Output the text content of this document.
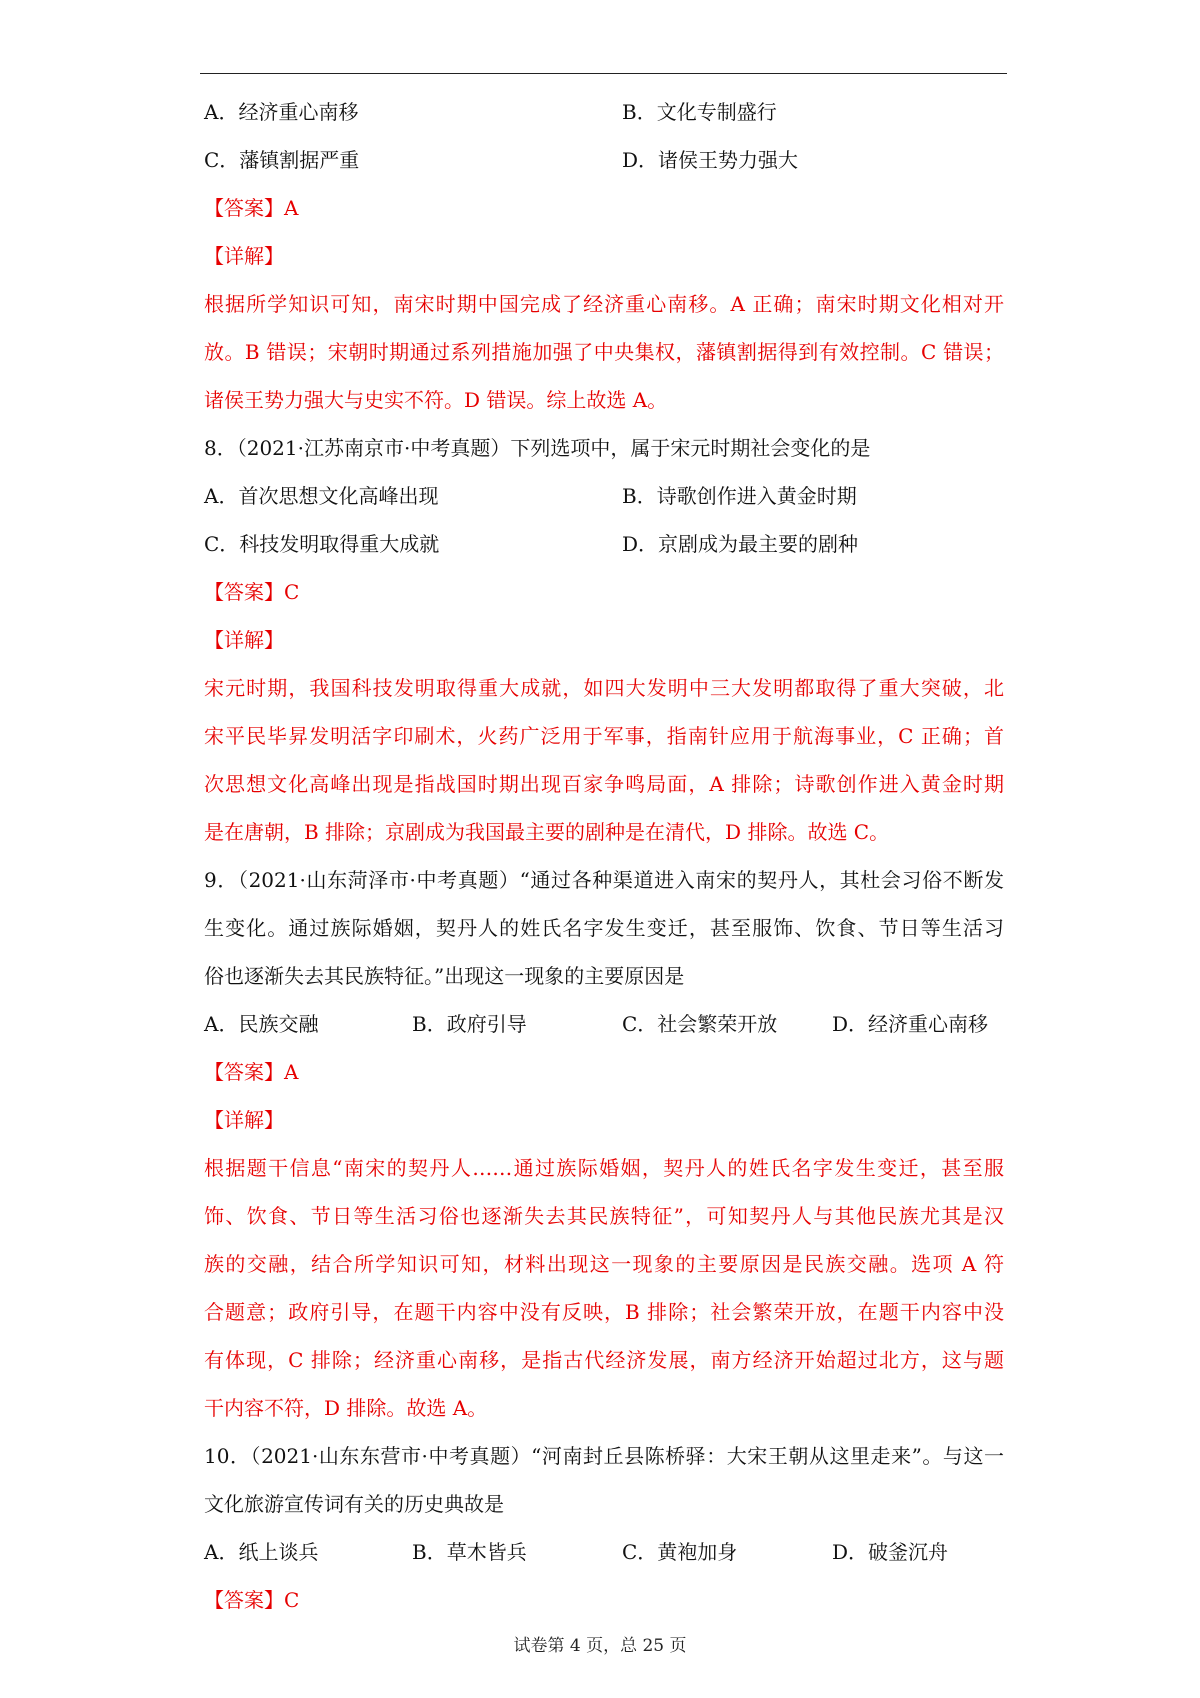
A．经济重心南移	B．文化专制盛行
C．藩镇割据严重	D．诸侯王势力强大
【答案】A
【详解】
根据所学知识可知，南宋时期中国完成了经济重心南移。A 正确；南宋时期文化相对开
放。B 错误；宋朝时期通过系列措施加强了中央集权，藩镇割据得到有效控制。C 错误；
诸侯王势力强大与史实不符。D 错误。综上故选 A。
8．（2021·江苏南京市·中考真题）下列选项中，属于宋元时期社会变化的是
A．首次思想文化高峰出现	B．诗歌创作进入黄金时期
C．科技发明取得重大成就	D．京剧成为最主要的剧种
【答案】C
【详解】
宋元时期，我国科技发明取得重大成就，如四大发明中三大发明都取得了重大突破，北
宋平民毕昇发明活字印刷术，火药广泛用于军事，指南针应用于航海事业，C 正确；首
次思想文化高峰出现是指战国时期出现百家争鸣局面，A 排除；诗歌创作进入黄金时期
是在唐朝，B 排除；京剧成为我国最主要的剧种是在清代，D 排除。故选 C。
9．（2021·山东菏泽市·中考真题）“通过各种渠道进入南宋的契丹人，其杜会习俗不断发
生变化。通过族际婚姻，契丹人的姓氏名字发生变迁，甚至服饰、饮食、节日等生活习
俗也逐渐失去其民族特征。”出现这一现象的主要原因是
A．民族交融	B．政府引导	C．社会繁荣开放	D．经济重心南移
【答案】A
【详解】
根据题干信息“南宋的契丹人……通过族际婚姻，契丹人的姓氏名字发生变迁，甚至服
饰、饮食、节日等生活习俗也逐渐失去其民族特征”，可知契丹人与其他民族尤其是汉
族的交融，结合所学知识可知，材料出现这一现象的主要原因是民族交融。选项 A 符
合题意；政府引导，在题干内容中没有反映，B 排除；社会繁荣开放，在题干内容中没
有体现，C 排除；经济重心南移，是指古代经济发展，南方经济开始超过北方，这与题
干内容不符，D 排除。故选 A。
10．（2021·山东东营市·中考真题）“河南封丘县陈桥驿：大宋王朝从这里走来”。与这一
文化旅游宣传词有关的历史典故是
A．纸上谈兵	B．草木皆兵	C．黄袍加身	D．破釜沉舟
【答案】C
试卷第 4 页，总 25 页
